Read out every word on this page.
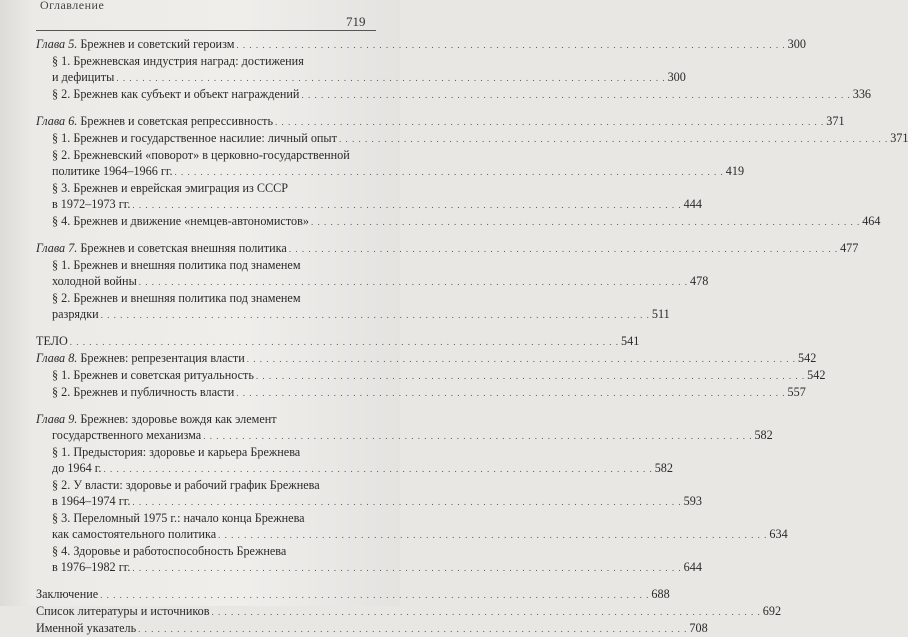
Оглавление
719
Глава 5. Брежнев и советский героизм . . .	300
§ 1. Брежневская индустрия наград: достижения
и дефициты . . .	300
§ 2. Брежнев как субъект и объект награждений . . .	336
Глава 6. Брежнев и советская репрессивность . . .	371
§ 1. Брежнев и государственное насилие: личный опыт . . .	371
§ 2. Брежневский «поворот» в церковно-государственной
политике 1964–1966 гг. . . .	419
§ 3. Брежнев и еврейская эмиграция из СССР
в 1972–1973 гг. . . .	444
§ 4. Брежнев и движение «немцев-автономистов» . . .	464
Глава 7. Брежнев и советская внешняя политика . . .	477
§ 1. Брежнев и внешняя политика под знаменем
холодной войны . . .	478
§ 2. Брежнев и внешняя политика под знаменем
разрядки . . .	511
ТЕЛО . . .	541
Глава 8. Брежнев: репрезентация власти . . .	542
§ 1. Брежнев и советская ритуальность . . .	542
§ 2. Брежнев и публичность власти . . .	557
Глава 9. Брежнев: здоровье вождя как элемент
государственного механизма . . .	582
§ 1. Предыстория: здоровье и карьера Брежнева
до 1964 г. . . .	582
§ 2. У власти: здоровье и рабочий график Брежнева
в 1964–1974 гг. . . .	593
§ 3. Переломный 1975 г.: начало конца Брежнева
как самостоятельного политика . . .	634
§ 4. Здоровье и работоспособность Брежнева
в 1976–1982 гг. . . .	644
Заключение . . .	688
Список литературы и источников . . .	692
Именной указатель . . .	708
